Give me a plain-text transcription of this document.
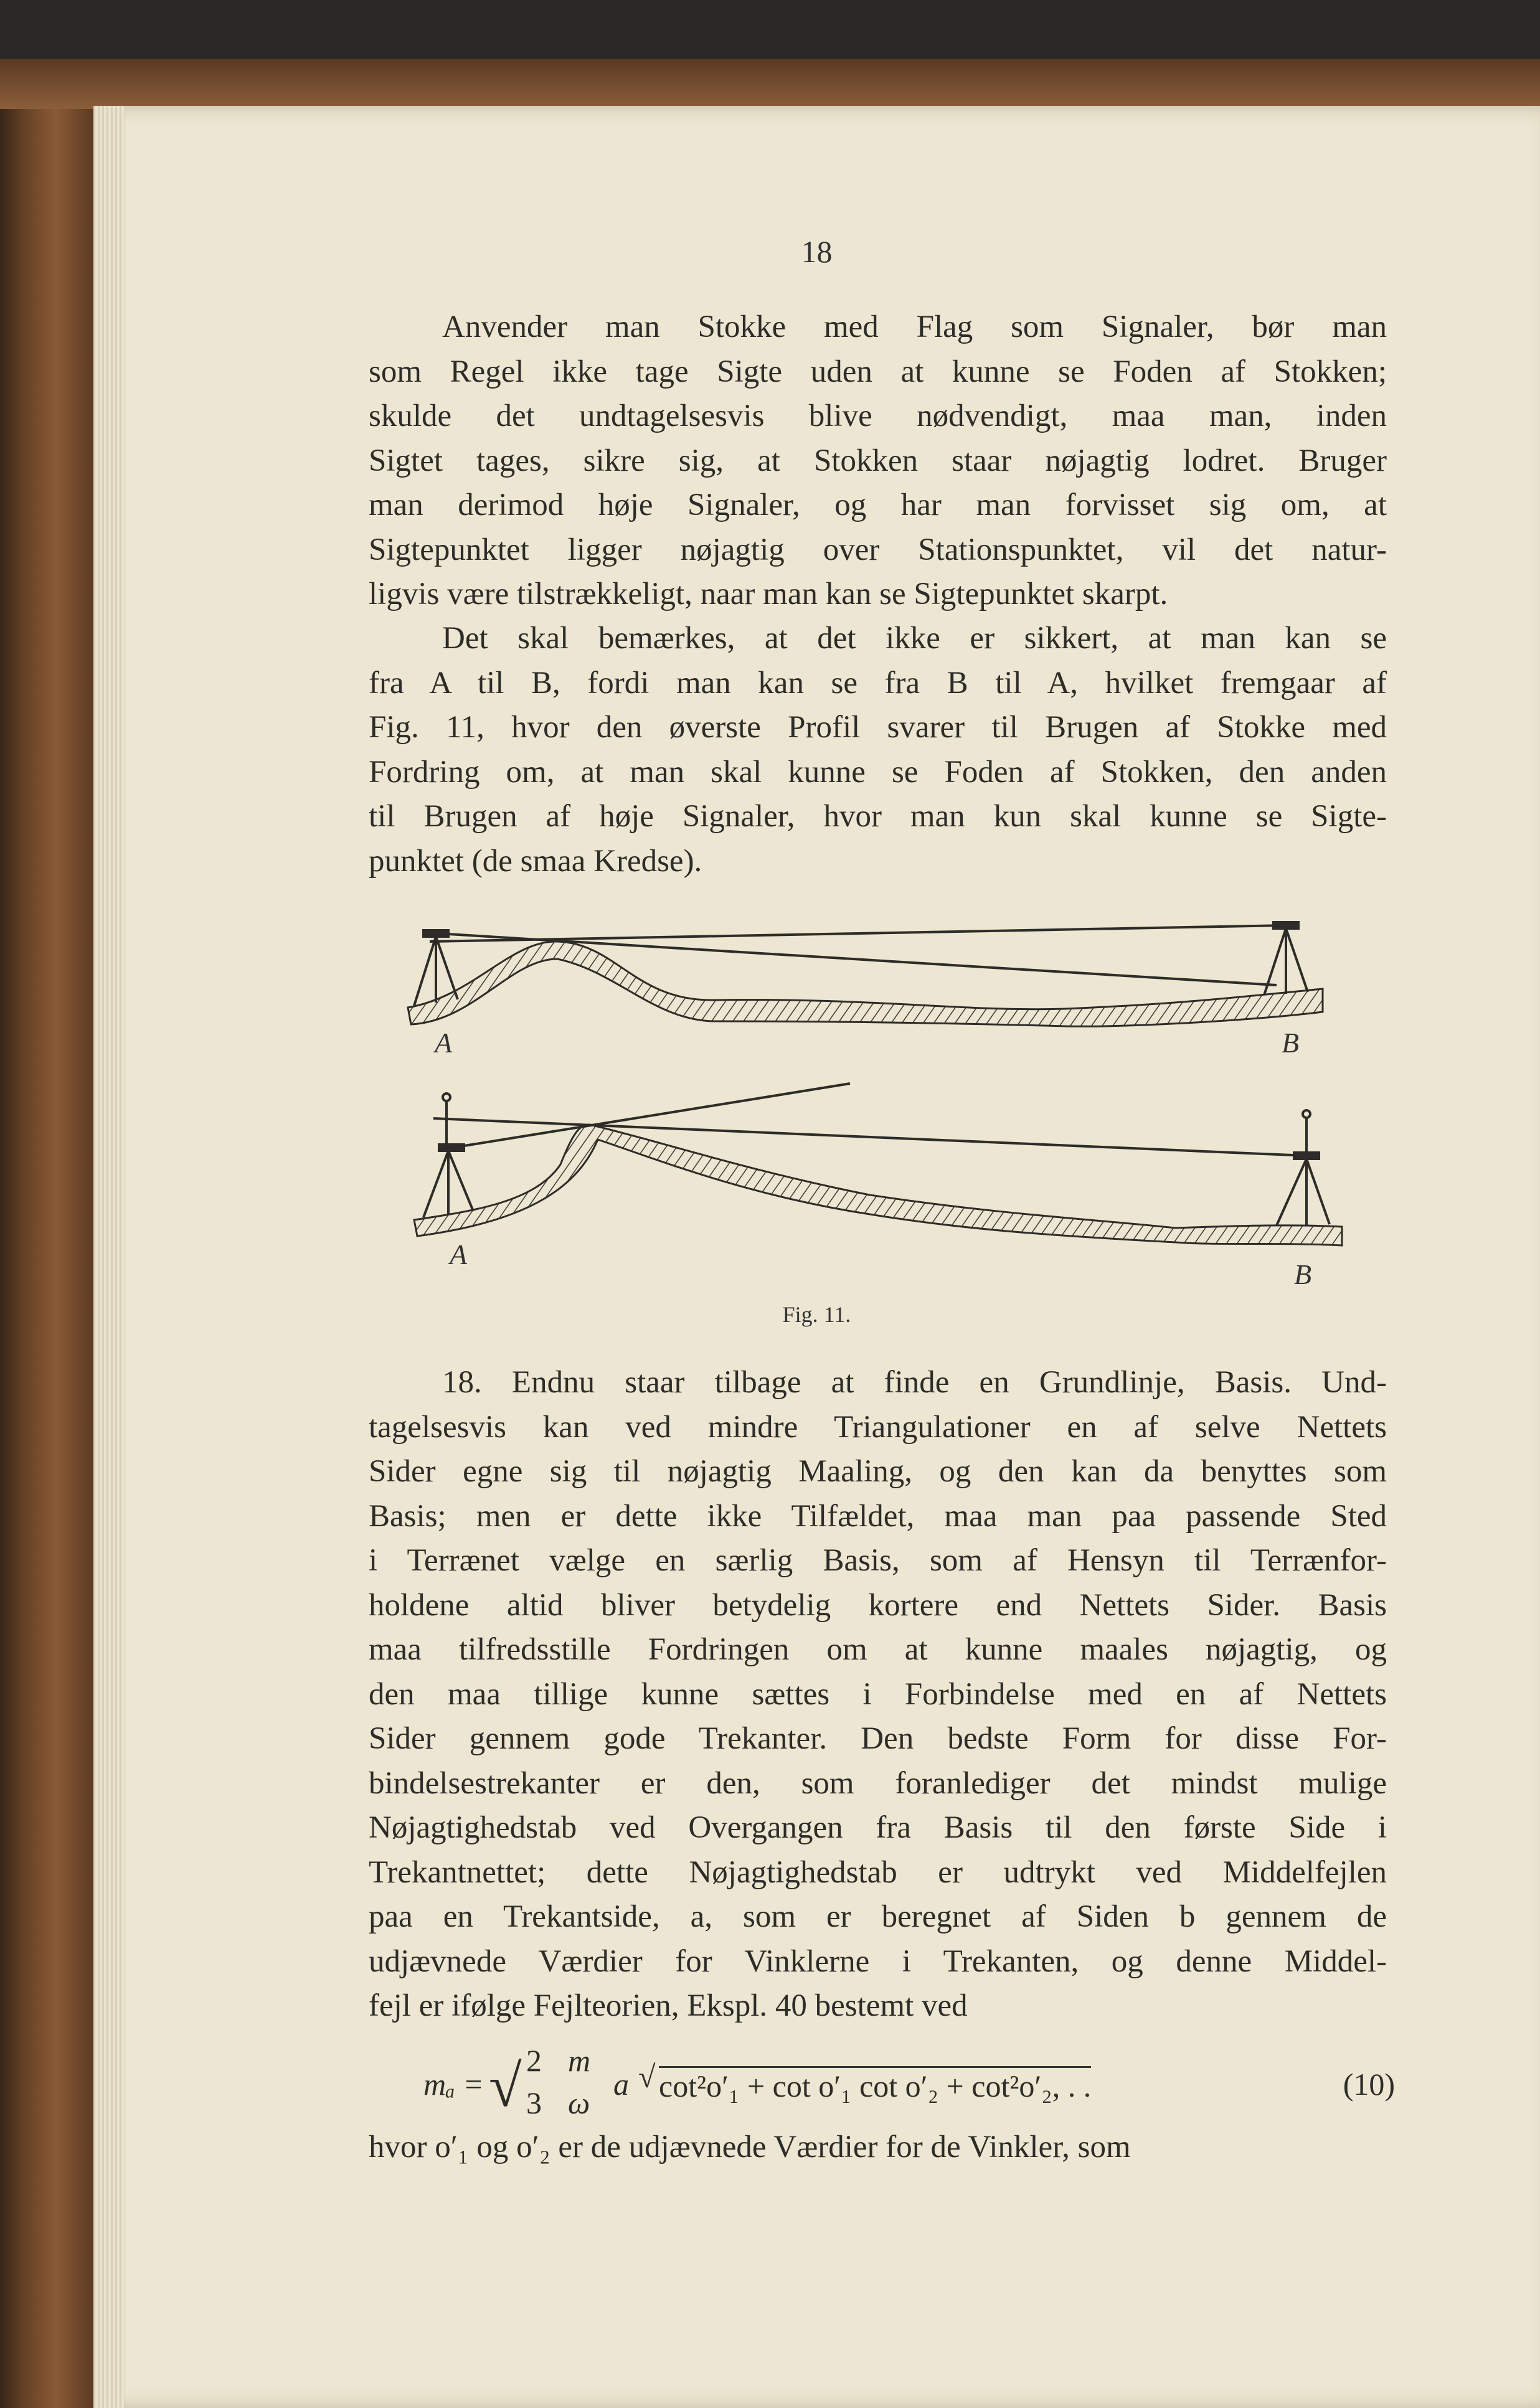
18
Anvender man Stokke med Flag som Signaler, bør man
som Regel ikke tage Sigte uden at kunne se Foden af Stokken;
skulde det undtagelsesvis blive nødvendigt, maa man, inden
Sigtet tages, sikre sig, at Stokken staar nøjagtig lodret. Bruger
man derimod høje Signaler, og har man forvisset sig om, at
Sigtepunktet ligger nøjagtig over Stationspunktet, vil det natur-
ligvis være tilstrækkeligt, naar man kan se Sigtepunktet skarpt.
Det skal bemærkes, at det ikke er sikkert, at man kan se
fra A til B, fordi man kan se fra B til A, hvilket fremgaar af
Fig. 11, hvor den øverste Profil svarer til Brugen af Stokke med
Fordring om, at man skal kunne se Foden af Stokken, den anden
til Brugen af høje Signaler, hvor man kun skal kunne se Sigte-
punktet (de smaa Kredse).
18. Endnu staar tilbage at finde en Grundlinje, Basis. Und-
tagelsesvis kan ved mindre Triangulationer en af selve Nettets
Sider egne sig til nøjagtig Maaling, og den kan da benyttes som
Basis; men er dette ikke Tilfældet, maa man paa passende Sted
i Terrænet vælge en særlig Basis, som af Hensyn til Terrænfor-
holdene altid bliver betydelig kortere end Nettets Sider. Basis
maa tilfredsstille Fordringen om at kunne maales nøjagtig, og
den maa tillige kunne sættes i Forbindelse med en af Nettets
Sider gennem gode Trekanter. Den bedste Form for disse For-
bindelsestrekanter er den, som foranlediger det mindst mulige
Nøjagtighedstab ved Overgangen fra Basis til den første Side i
Trekantnettet; dette Nøjagtighedstab er udtrykt ved Middelfejlen
paa en Trekantside, a, som er beregnet af Siden b gennem de
udjævnede Værdier for Vinklerne i Trekanten, og denne Middel-
fejl er ifølge Fejlteorien, Ekspl. 40 bestemt ved
A	B
A
B
Fig. 11.
mₐ = √ 2
3
m
ω
a √ cot²o′₁ + cot o′₁ cot o′₂ + cot²o′₂, . .	(10)
hvor o′₁ og o′₂ er de udjævnede Værdier for de Vinkler, som
